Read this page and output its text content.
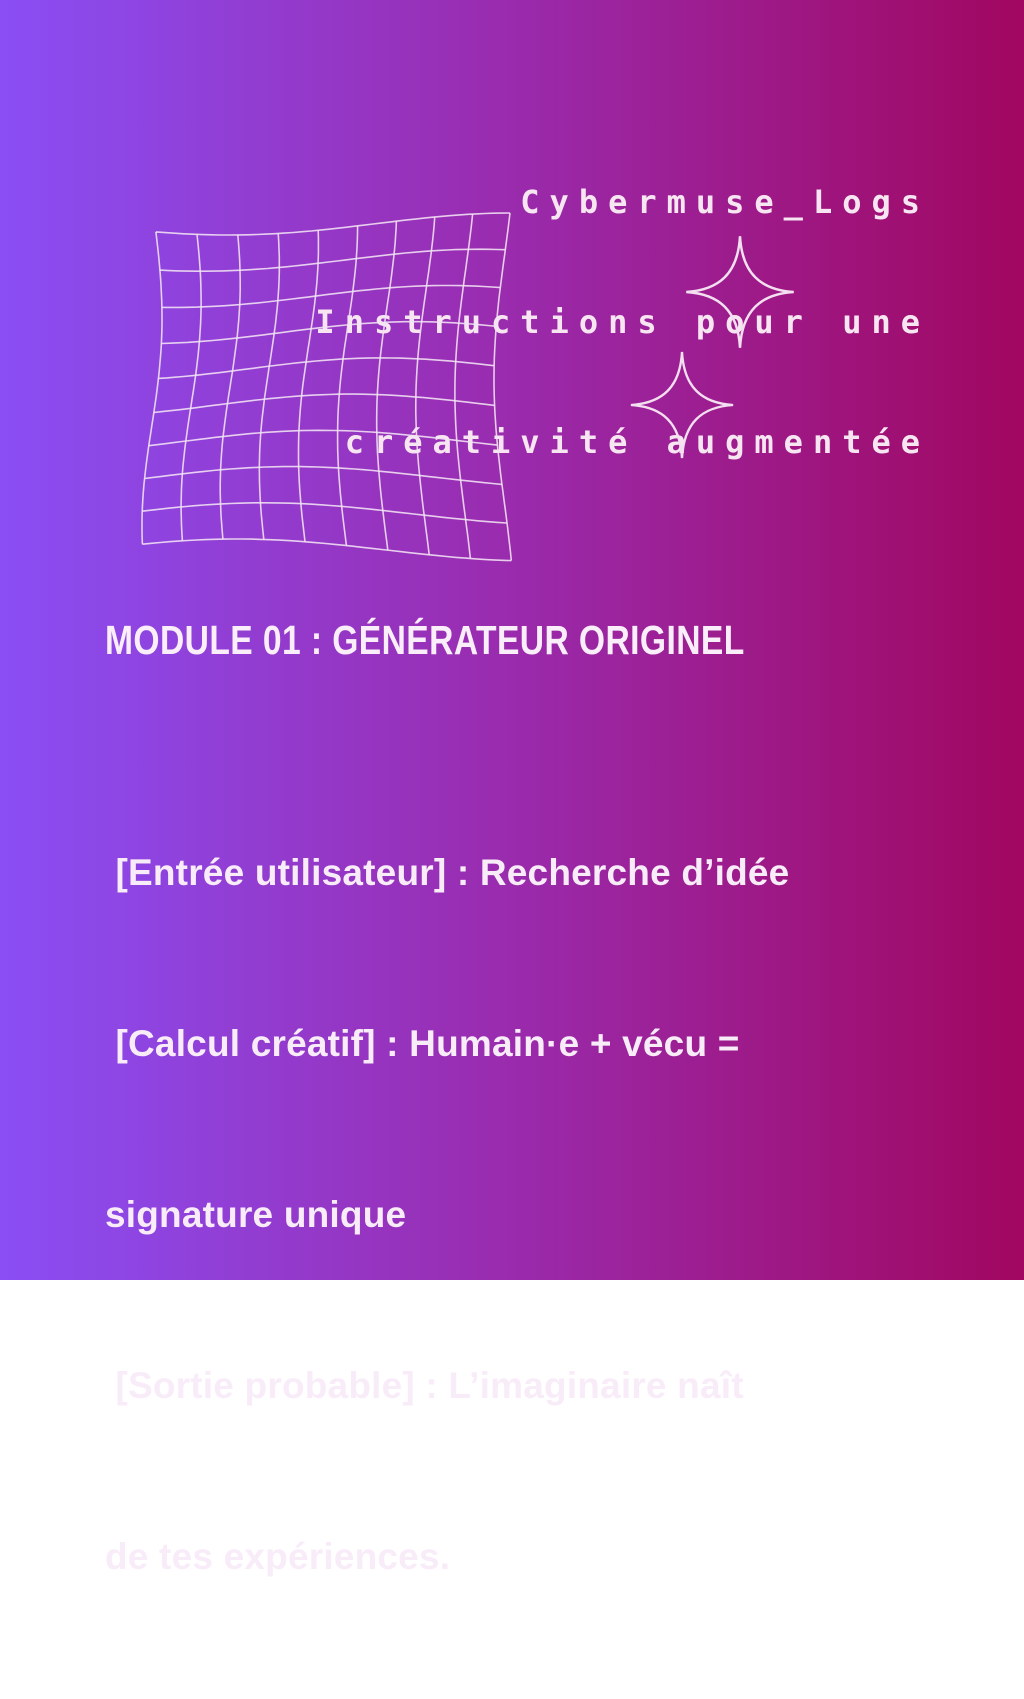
Cybermuse_Logs

Instructions pour une

créativité augmentée

MODULE 01 : GÉNÉRATEUR ORIGINEL

[Entrée utilisateur] : Recherche d’idée

[Calcul créatif] : Humain·e + vécu =

signature unique

[Sortie probable] : L’imaginaire naît

de tes expériences.
